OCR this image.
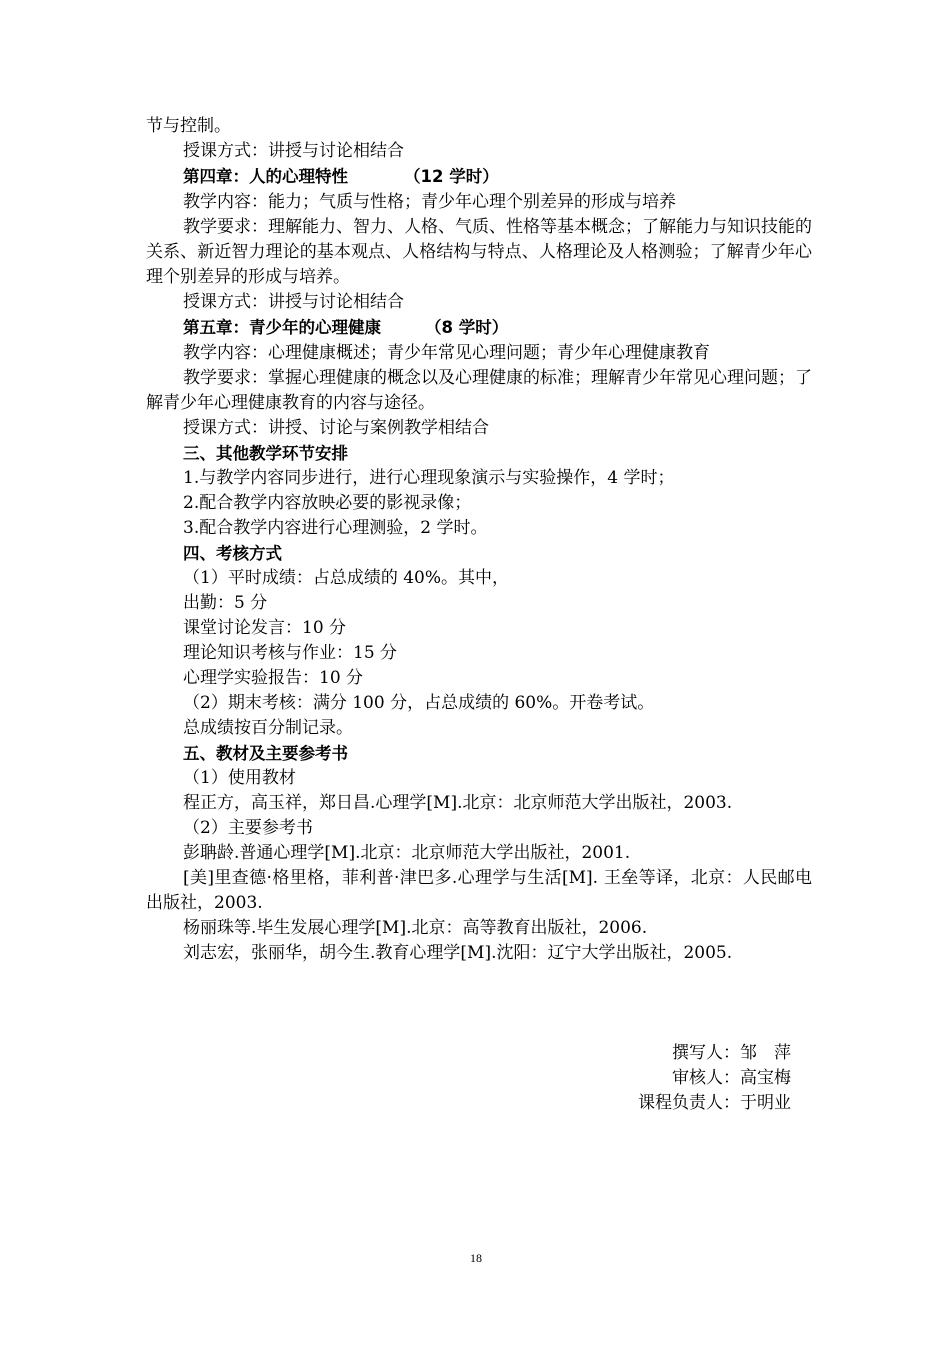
节与控制。

授课方式：讲授与讨论相结合

第四章：人的心理特性	（12 学时）

教学内容：能力；气质与性格；青少年心理个别差异的形成与培养

教学要求：理解能力、智力、人格、气质、性格等基本概念；了解能力与知识技能的关系、新近智力理论的基本观点、人格结构与特点、人格理论及人格测验；了解青少年心理个别差异的形成与培养。

授课方式：讲授与讨论相结合

第五章：青少年的心理健康	（8 学时）

教学内容：心理健康概述；青少年常见心理问题；青少年心理健康教育

教学要求：掌握心理健康的概念以及心理健康的标准；理解青少年常见心理问题；了解青少年心理健康教育的内容与途径。

授课方式：讲授、讨论与案例教学相结合

三、其他教学环节安排

1.与教学内容同步进行，进行心理现象演示与实验操作，4 学时；

2.配合教学内容放映必要的影视录像；

3.配合教学内容进行心理测验，2 学时。

四、考核方式

（1）平时成绩：占总成绩的 40%。其中，

出勤：5 分

课堂讨论发言：10 分

理论知识考核与作业：15 分

心理学实验报告：10 分

（2）期末考核：满分 100 分，占总成绩的 60%。开卷考试。

总成绩按百分制记录。

五、教材及主要参考书

（1）使用教材

程正方，高玉祥，郑日昌.心理学[M].北京：北京师范大学出版社，2003.

（2）主要参考书

彭聃龄.普通心理学[M].北京：北京师范大学出版社，2001.

[美]里查德·格里格，菲利普·津巴多.心理学与生活[M]. 王垒等译，北京：人民邮电出版社，2003.

杨丽珠等.毕生发展心理学[M].北京：高等教育出版社，2006.

刘志宏，张丽华，胡今生.教育心理学[M].沈阳：辽宁大学出版社，2005.

撰写人：邹　萍

审核人：高宝梅

课程负责人：于明业

18
